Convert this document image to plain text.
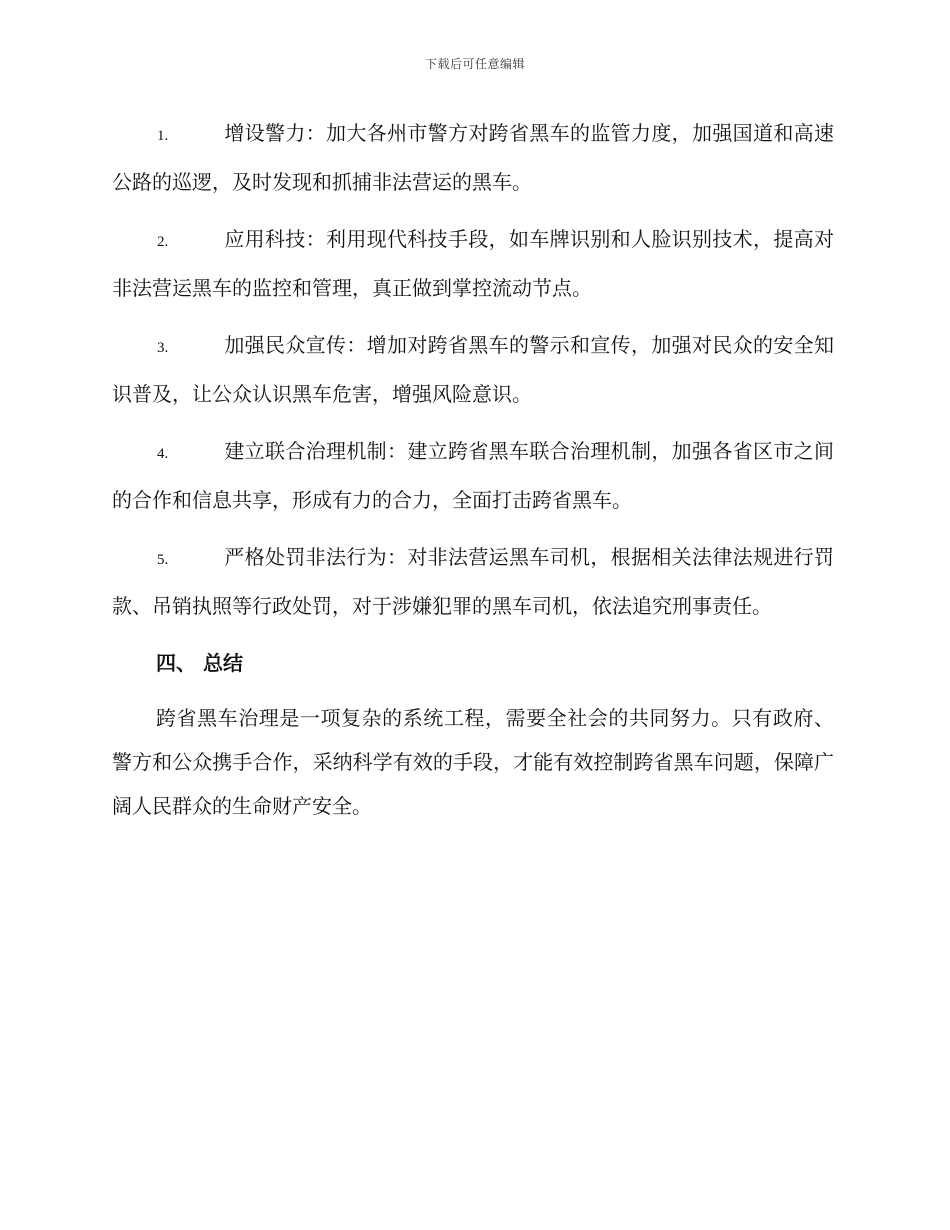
下载后可任意编辑

1.	增设警力：加大各州市警方对跨省黑车的监管力度，加强国道和高速公路的巡逻，及时发现和抓捕非法营运的黑车。

2.	应用科技：利用现代科技手段，如车牌识别和人脸识别技术，提高对非法营运黑车的监控和管理，真正做到掌控流动节点。

3.	加强民众宣传：增加对跨省黑车的警示和宣传，加强对民众的安全知识普及，让公众认识黑车危害，增强风险意识。

4.	建立联合治理机制：建立跨省黑车联合治理机制，加强各省区市之间的合作和信息共享，形成有力的合力，全面打击跨省黑车。

5.	严格处罚非法行为：对非法营运黑车司机，根据相关法律法规进行罚款、吊销执照等行政处罚，对于涉嫌犯罪的黑车司机，依法追究刑事责任。

四、 总结

跨省黑车治理是一项复杂的系统工程，需要全社会的共同努力。只有政府、警方和公众携手合作，采纳科学有效的手段，才能有效控制跨省黑车问题，保障广阔人民群众的生命财产安全。
